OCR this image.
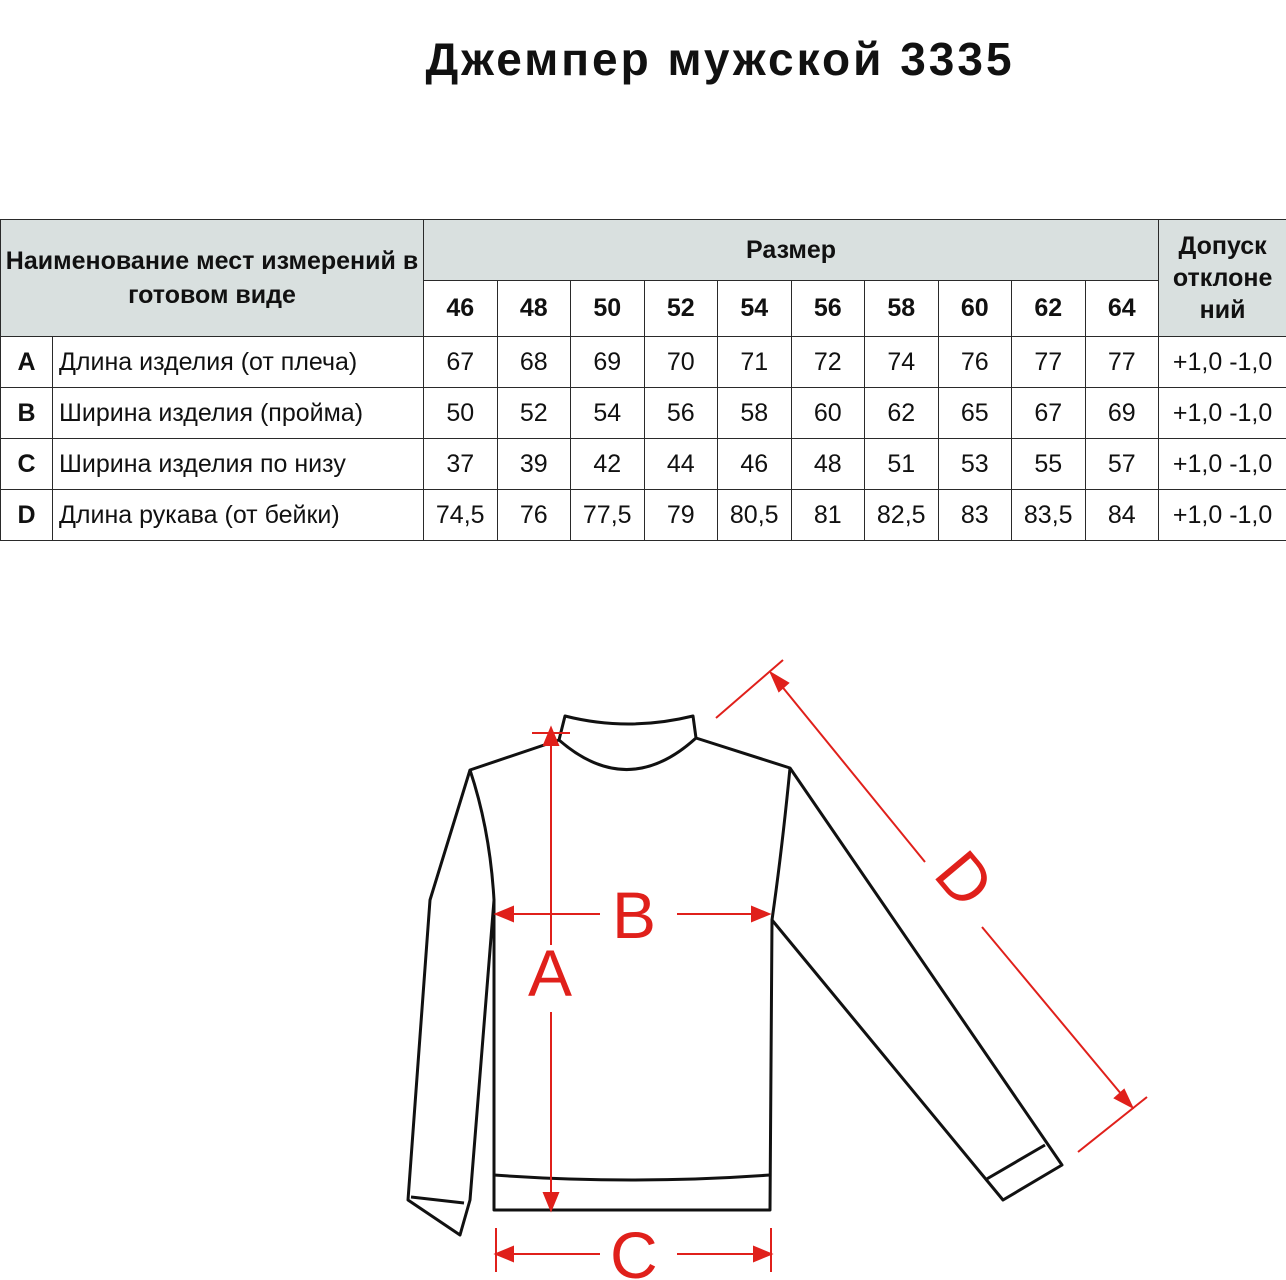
Джемпер мужской 3335
Наименование мест измерений в готовом виде		Размер										Допуск отклоне ний
		46	48	50	52	54	56	58	60	62	64	
A	Длина изделия (от плеча)	67	68	69	70	71	72	74	76	77	77	+1,0 -1,0
B	Ширина изделия (пройма)	50	52	54	56	58	60	62	65	67	69	+1,0 -1,0
C	Ширина изделия по низу	37	39	42	44	46	48	51	53	55	57	+1,0 -1,0
D	Длина рукава (от бейки)	74,5	76	77,5	79	80,5	81	82,5	83	83,5	84	+1,0 -1,0
A
B
C
D
